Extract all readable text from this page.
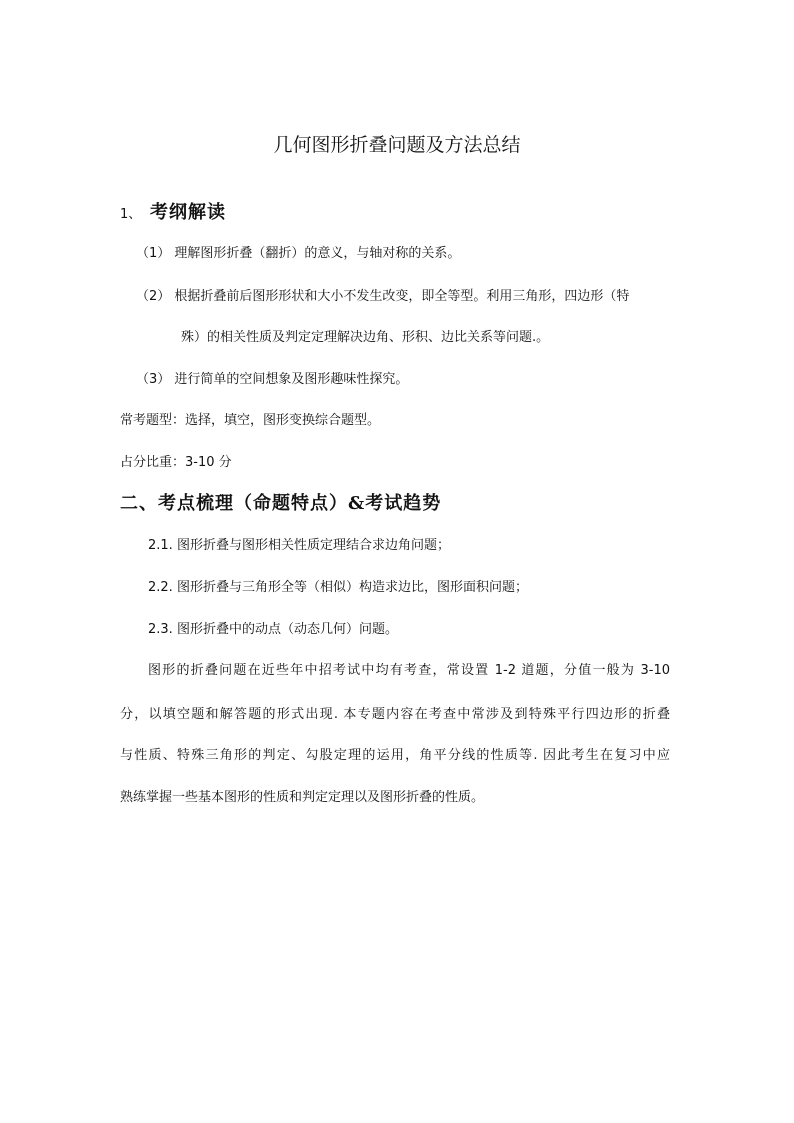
几何图形折叠问题及方法总结
1、 考纲解读
（1） 理解图形折叠（翻折）的意义，与轴对称的关系。
（2） 根据折叠前后图形形状和大小不发生改变，即全等型。利用三角形，四边形（特
殊）的相关性质及判定定理解决边角、形积、边比关系等问题.。
（3） 进行简单的空间想象及图形趣味性探究。
常考题型：选择，填空，图形变换综合题型。
占分比重：3-10 分
二、考点梳理（命题特点）&考试趋势
2.1. 图形折叠与图形相关性质定理结合求边角问题；
2.2. 图形折叠与三角形全等（相似）构造求边比，图形面积问题；
2.3. 图形折叠中的动点（动态几何）问题。
图形的折叠问题在近些年中招考试中均有考查，常设置 1-2 道题，分值一般为 3-10
分，以填空题和解答题的形式出现. 本专题内容在考查中常涉及到特殊平行四边形的折叠
与性质、特殊三角形的判定、勾股定理的运用，角平分线的性质等. 因此考生在复习中应
熟练掌握一些基本图形的性质和判定定理以及图形折叠的性质。
